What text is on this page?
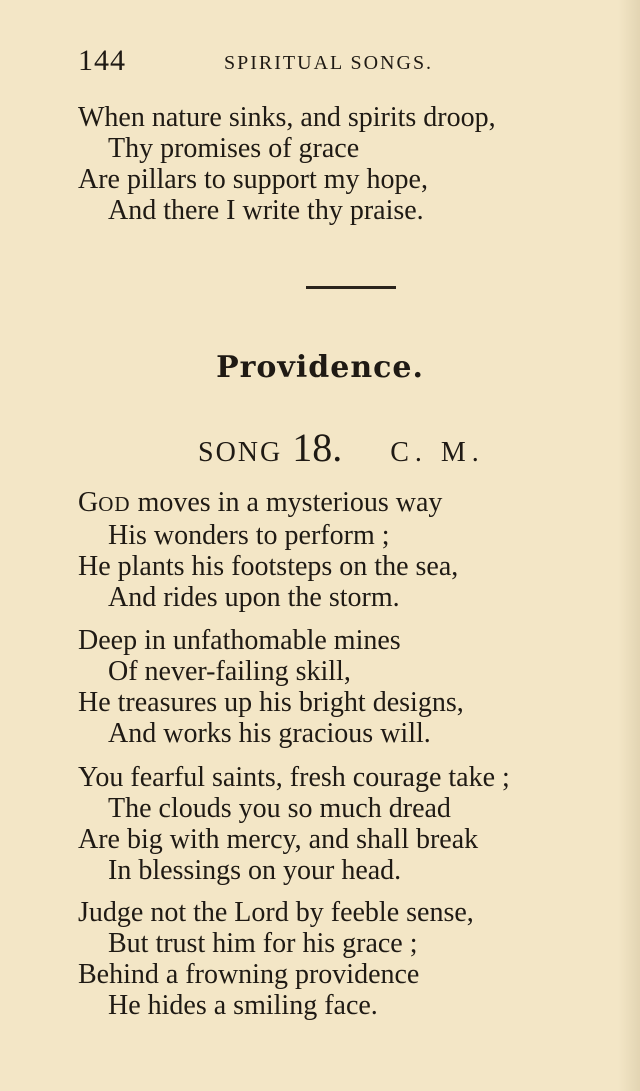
144	SPIRITUAL SONGS.
When nature sinks, and spirits droop,
Thy promises of grace
Are pillars to support my hope,
And there I write thy praise.
Providence.
SONG 18. C. M.
GOD moves in a mysterious way
His wonders to perform ;
He plants his footsteps on the sea,
And rides upon the storm.
Deep in unfathomable mines
Of never-failing skill,
He treasures up his bright designs,
And works his gracious will.
You fearful saints, fresh courage take ;
The clouds you so much dread
Are big with mercy, and shall break
In blessings on your head.
Judge not the Lord by feeble sense,
But trust him for his grace ;
Behind a frowning providence
He hides a smiling face.
